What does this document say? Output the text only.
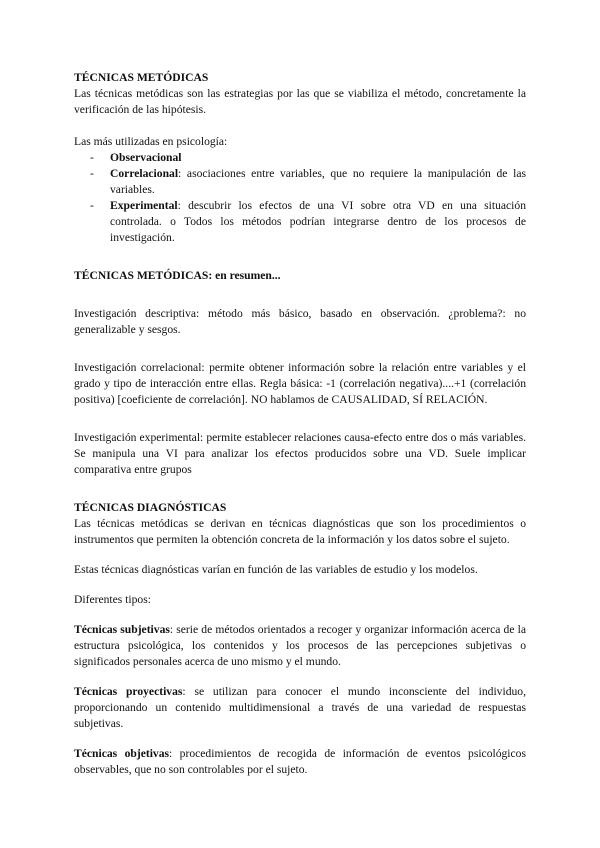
TÉCNICAS METÓDICAS

Las técnicas metódicas son las estrategias por las que se viabiliza el método, concretamente la verificación de las hipótesis.

Las más utilizadas en psicología:

- Observacional
- Correlacional: asociaciones entre variables, que no requiere la manipulación de las variables.
- Experimental: descubrir los efectos de una VI sobre otra VD en una situación controlada. o Todos los métodos podrían integrarse dentro de los procesos de investigación.

TÉCNICAS METÓDICAS: en resumen...

Investigación descriptiva: método más básico, basado en observación. ¿problema?: no generalizable y sesgos.

Investigación correlacional: permite obtener información sobre la relación entre variables y el grado y tipo de interacción entre ellas. Regla básica: -1 (correlación negativa)....+1 (correlación positiva) [coeficiente de correlación]. NO hablamos de CAUSALIDAD, SÍ RELACIÓN.

Investigación experimental: permite establecer relaciones causa-efecto entre dos o más variables. Se manipula una VI para analizar los efectos producidos sobre una VD. Suele implicar comparativa entre grupos

TÉCNICAS DIAGNÓSTICAS

Las técnicas metódicas se derivan en técnicas diagnósticas que son los procedimientos o instrumentos que permiten la obtención concreta de la información y los datos sobre el sujeto.

Estas técnicas diagnósticas varían en función de las variables de estudio y los modelos.

Diferentes tipos:

Técnicas subjetivas: serie de métodos orientados a recoger y organizar información acerca de la estructura psicológica, los contenidos y los procesos de las percepciones subjetivas o significados personales acerca de uno mismo y el mundo.

Técnicas proyectivas: se utilizan para conocer el mundo inconsciente del individuo, proporcionando un contenido multidimensional a través de una variedad de respuestas subjetivas.

Técnicas objetivas: procedimientos de recogida de información de eventos psicológicos observables, que no son controlables por el sujeto.
